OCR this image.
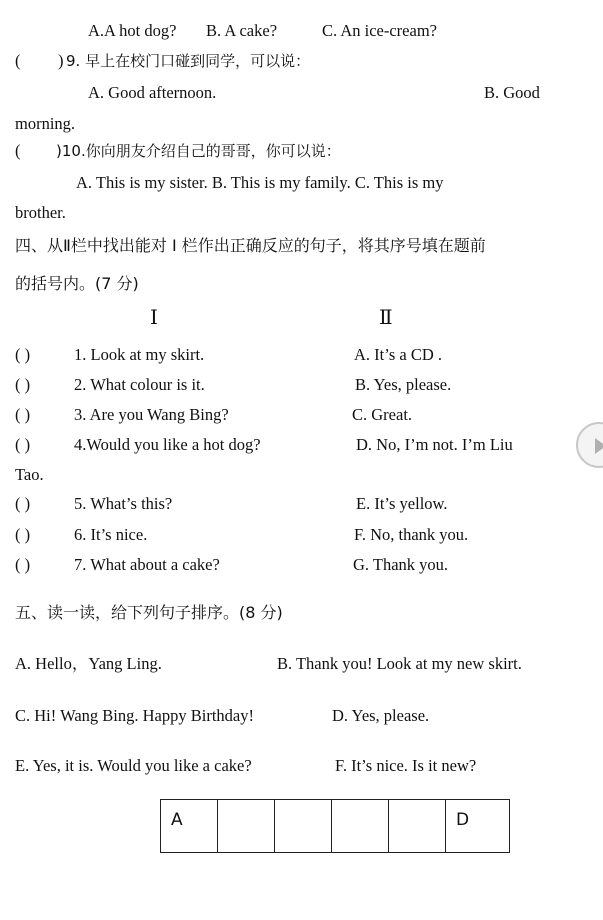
A.A hot dog? B. A cake?	C. An ice-cream?
( ) 9. 早上在校门口碰到同学，可以说：
A. Good afternoon.	B. Good
morning.
( )10.你向朋友介绍自己的哥哥，你可以说：
A. This is my sister. B. This is my family. C. This is my
brother.
四、从Ⅱ栏中找出能对 Ⅰ 栏作出正确反应的句子，将其序号填在题前
的括号内。(7 分)
Ⅰ	Ⅱ
( )	1. Look at my skirt.	A. It’s a CD .
( )	2. What colour is it.	B. Yes, please.
( )	3. Are you Wang Bing?	C. Great.
( )	4.Would you like a hot dog?	D. No, I’m not. I’m Liu
Tao.
( )	5. What’s this?	E. It’s yellow.
( )	6. It’s nice.	F. No, thank you.
( )	7. What about a cake?	G. Thank you.
五、读一读，给下列句子排序。(8 分)
A. Hello，Yang Ling.	B. Thank you! Look at my new skirt.
C. Hi! Wang Bing. Happy Birthday!	D. Yes, please.
E. Yes, it is. Would you like a cake?	F. It’s nice. Is it new?
A					D
